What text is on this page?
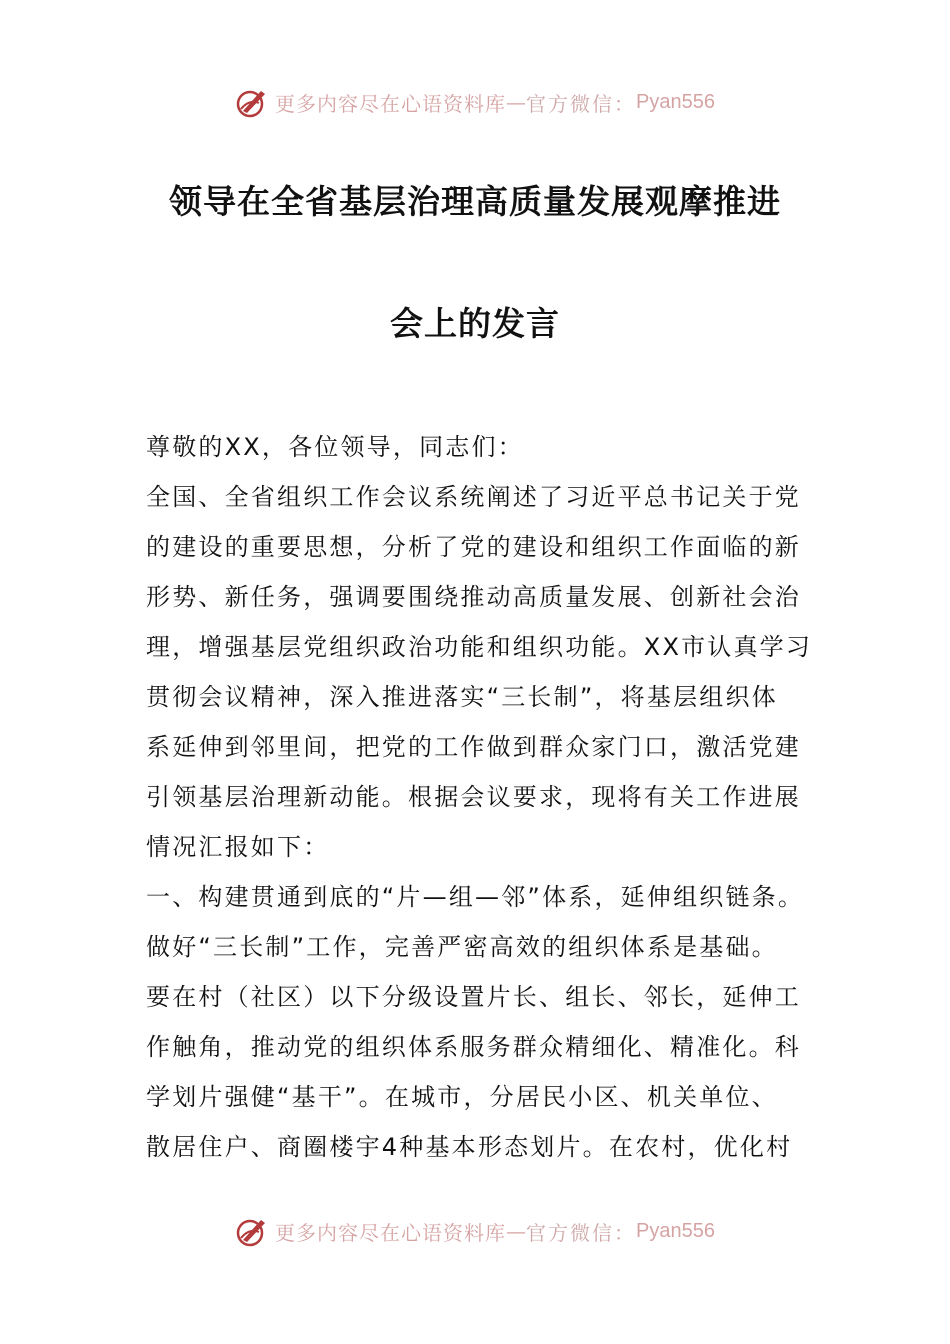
更多内容尽在心语资料库 — 官方微信： Pyan556
领导在全省基层治理高质量发展观摩推进
会上的发言
尊敬的XX，各位领导，同志们：
全国、全省组织工作会议系统阐述了习近平总书记关于党
的建设的重要思想，分析了党的建设和组织工作面临的新
形势、新任务，强调要围绕推动高质量发展、创新社会治
理，增强基层党组织政治功能和组织功能。XX市认真学习
贯彻会议精神，深入推进落实“三长制”，将基层组织体
系延伸到邻里间，把党的工作做到群众家门口，激活党建
引领基层治理新动能。根据会议要求，现将有关工作进展
情况汇报如下：
一、构建贯通到底的“片—组—邻”体系，延伸组织链条。
做好“三长制”工作，完善严密高效的组织体系是基础。
要在村（社区）以下分级设置片长、组长、邻长，延伸工
作触角，推动党的组织体系服务群众精细化、精准化。科
学划片强健“基干”。在城市，分居民小区、机关单位、
散居住户、商圈楼宇4种基本形态划片。在农村，优化村
更多内容尽在心语资料库 — 官方微信： Pyan556
